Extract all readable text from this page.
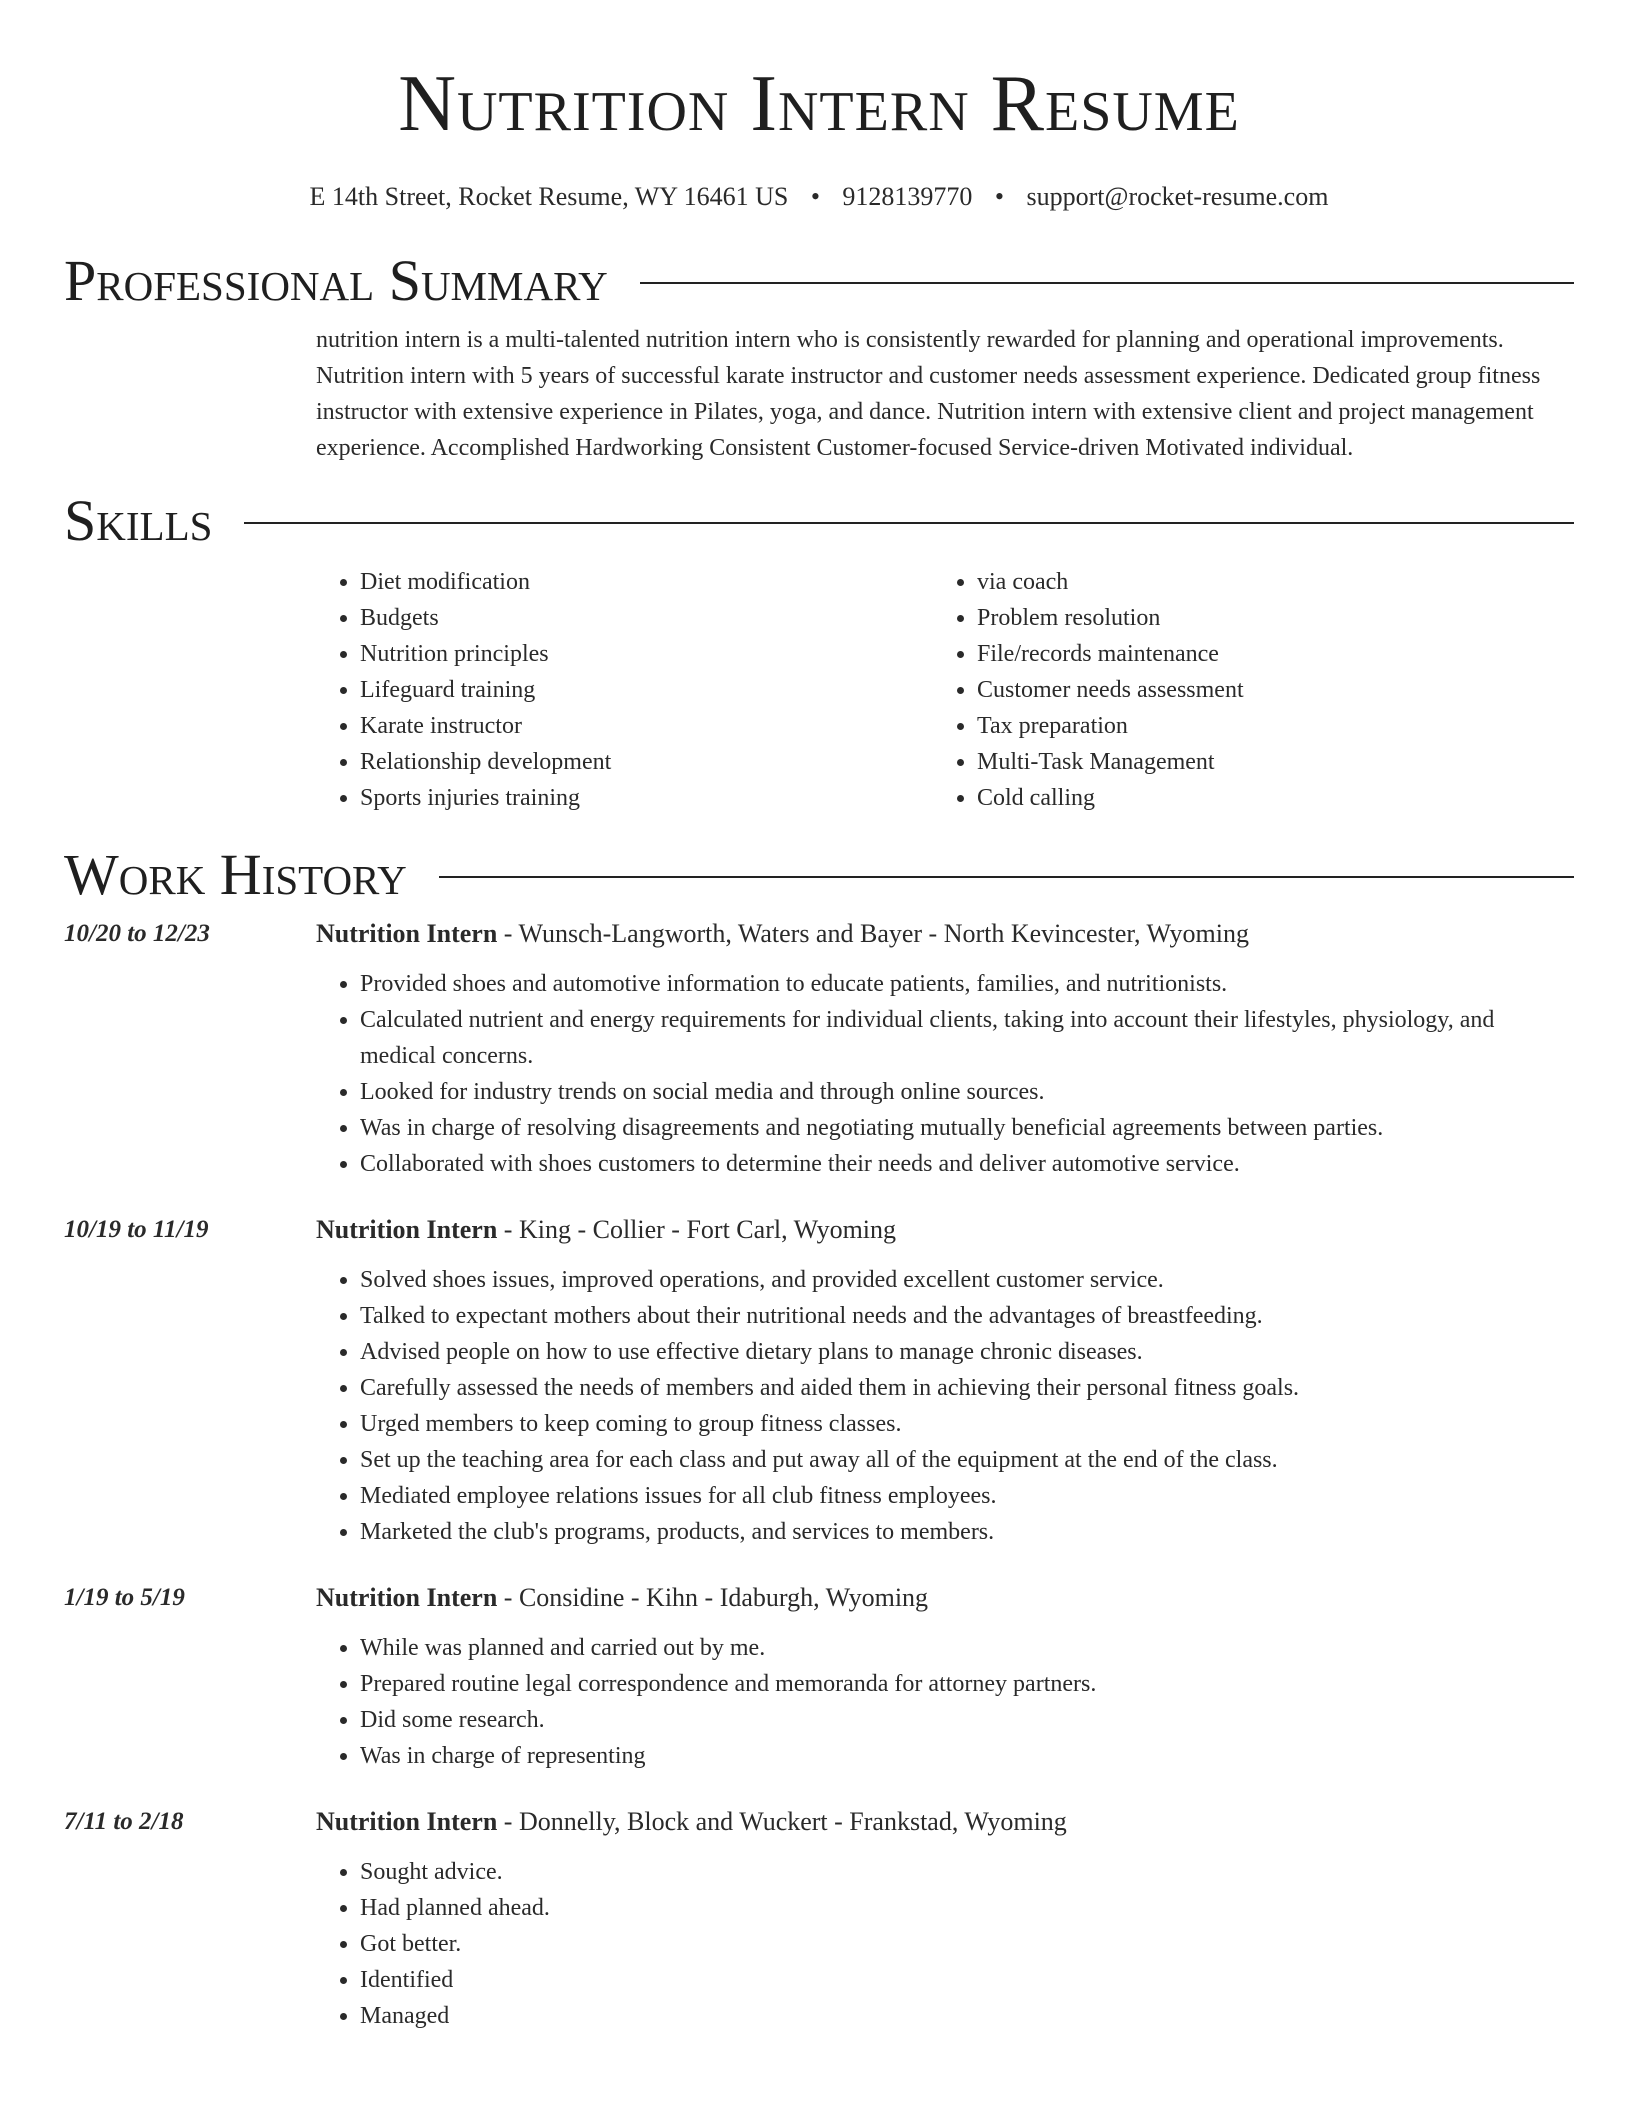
Nutrition Intern Resume
E 14th Street, Rocket Resume, WY 16461 US • 9128139770 • support@rocket-resume.com
Professional Summary

nutrition intern is a multi-talented nutrition intern who is consistently rewarded for planning and operational improvements. Nutrition intern with 5 years of successful karate instructor and customer needs assessment experience. Dedicated group fitness instructor with extensive experience in Pilates, yoga, and dance. Nutrition intern with extensive client and project management experience. Accomplished Hardworking Consistent Customer-focused Service-driven Motivated individual.

Skills
• Diet modification
• Budgets
• Nutrition principles
• Lifeguard training
• Karate instructor
• Relationship development
• Sports injuries training
• via coach
• Problem resolution
• File/records maintenance
• Customer needs assessment
• Tax preparation
• Multi-Task Management
• Cold calling
Work History
10/20 to 12/23	Nutrition Intern - Wunsch-Langworth, Waters and Bayer - North Kevincester, Wyoming
• Provided shoes and automotive information to educate patients, families, and nutritionists.
• Calculated nutrient and energy requirements for individual clients, taking into account their lifestyles, physiology, and medical concerns.
• Looked for industry trends on social media and through online sources.
• Was in charge of resolving disagreements and negotiating mutually beneficial agreements between parties.
• Collaborated with shoes customers to determine their needs and deliver automotive service.
10/19 to 11/19	Nutrition Intern - King - Collier - Fort Carl, Wyoming
• Solved shoes issues, improved operations, and provided excellent customer service.
• Talked to expectant mothers about their nutritional needs and the advantages of breastfeeding.
• Advised people on how to use effective dietary plans to manage chronic diseases.
• Carefully assessed the needs of members and aided them in achieving their personal fitness goals.
• Urged members to keep coming to group fitness classes.
• Set up the teaching area for each class and put away all of the equipment at the end of the class.
• Mediated employee relations issues for all club fitness employees.
• Marketed the club's programs, products, and services to members.
1/19 to 5/19	Nutrition Intern - Considine - Kihn - Idaburgh, Wyoming
• While was planned and carried out by me.
• Prepared routine legal correspondence and memoranda for attorney partners.
• Did some research.
• Was in charge of representing
7/11 to 2/18	Nutrition Intern - Donnelly, Block and Wuckert - Frankstad, Wyoming
• Sought advice.
• Had planned ahead.
• Got better.
• Identified
• Managed
